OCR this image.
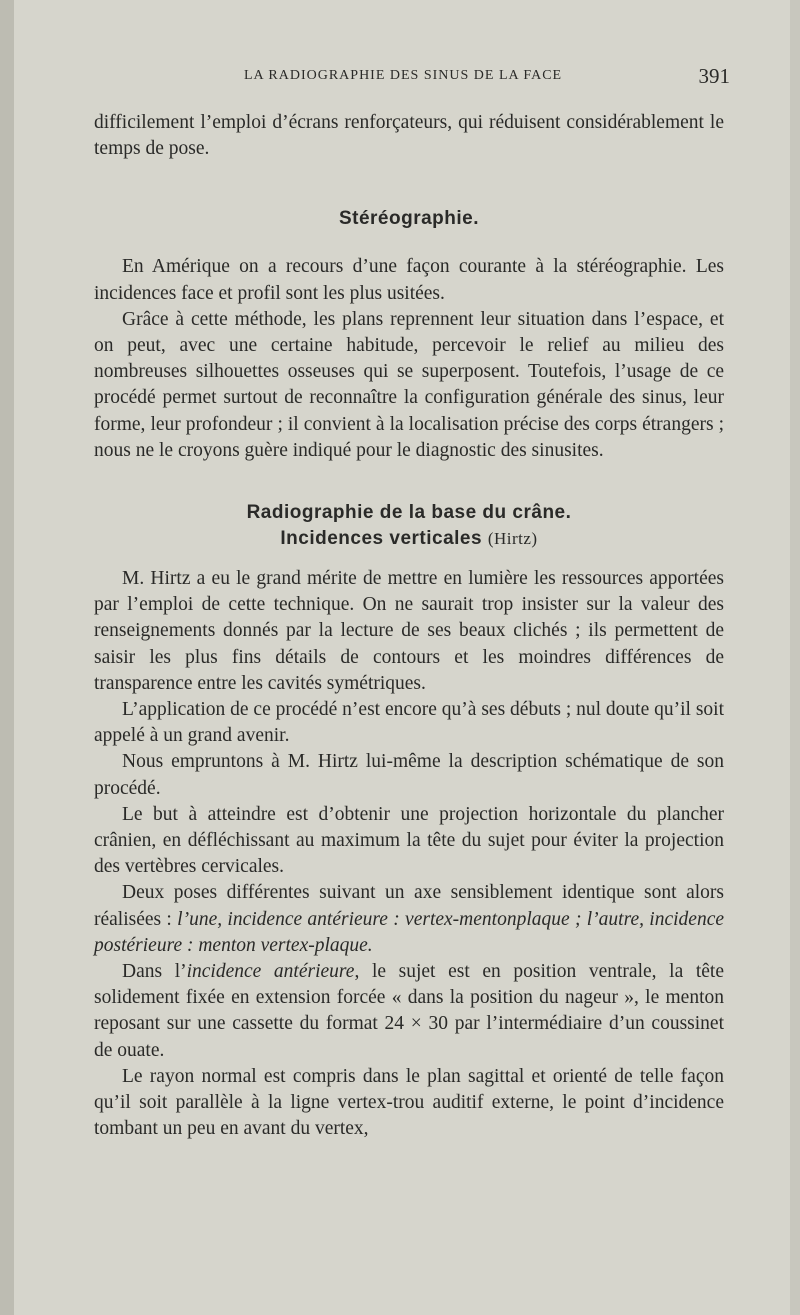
LA RADIOGRAPHIE DES SINUS DE LA FACE	391

difficilement l’emploi d’écrans renforçateurs, qui réduisent considérablement le temps de pose.

Stéréographie.

En Amérique on a recours d’une façon courante à la stéréographie. Les incidences face et profil sont les plus usitées.

Grâce à cette méthode, les plans reprennent leur situation dans l’espace, et on peut, avec une certaine habitude, percevoir le relief au milieu des nombreuses silhouettes osseuses qui se superposent. Toutefois, l’usage de ce procédé permet surtout de reconnaître la configuration générale des sinus, leur forme, leur profondeur ; il convient à la localisation précise des corps étrangers ; nous ne le croyons guère indiqué pour le diagnostic des sinusites.

Radiographie de la base du crâne.
Incidences verticales (Hirtz)

M. Hirtz a eu le grand mérite de mettre en lumière les ressources apportées par l’emploi de cette technique. On ne saurait trop insister sur la valeur des renseignements donnés par la lecture de ses beaux clichés ; ils permettent de saisir les plus fins détails de contours et les moindres différences de transparence entre les cavités symétriques.

L’application de ce procédé n’est encore qu’à ses débuts ; nul doute qu’il soit appelé à un grand avenir.

Nous empruntons à M. Hirtz lui-même la description schématique de son procédé.

Le but à atteindre est d’obtenir une projection horizontale du plancher crânien, en défléchissant au maximum la tête du sujet pour éviter la projection des vertèbres cervicales.

Deux poses différentes suivant un axe sensiblement identique sont alors réalisées : l’une, incidence antérieure : vertex-mentonplaque ; l’autre, incidence postérieure : menton vertex-plaque.

Dans l’incidence antérieure, le sujet est en position ventrale, la tête solidement fixée en extension forcée « dans la position du nageur », le menton reposant sur une cassette du format 24 × 30 par l’intermédiaire d’un coussinet de ouate.

Le rayon normal est compris dans le plan sagittal et orienté de telle façon qu’il soit parallèle à la ligne vertex-trou auditif externe, le point d’incidence tombant un peu en avant du vertex,
